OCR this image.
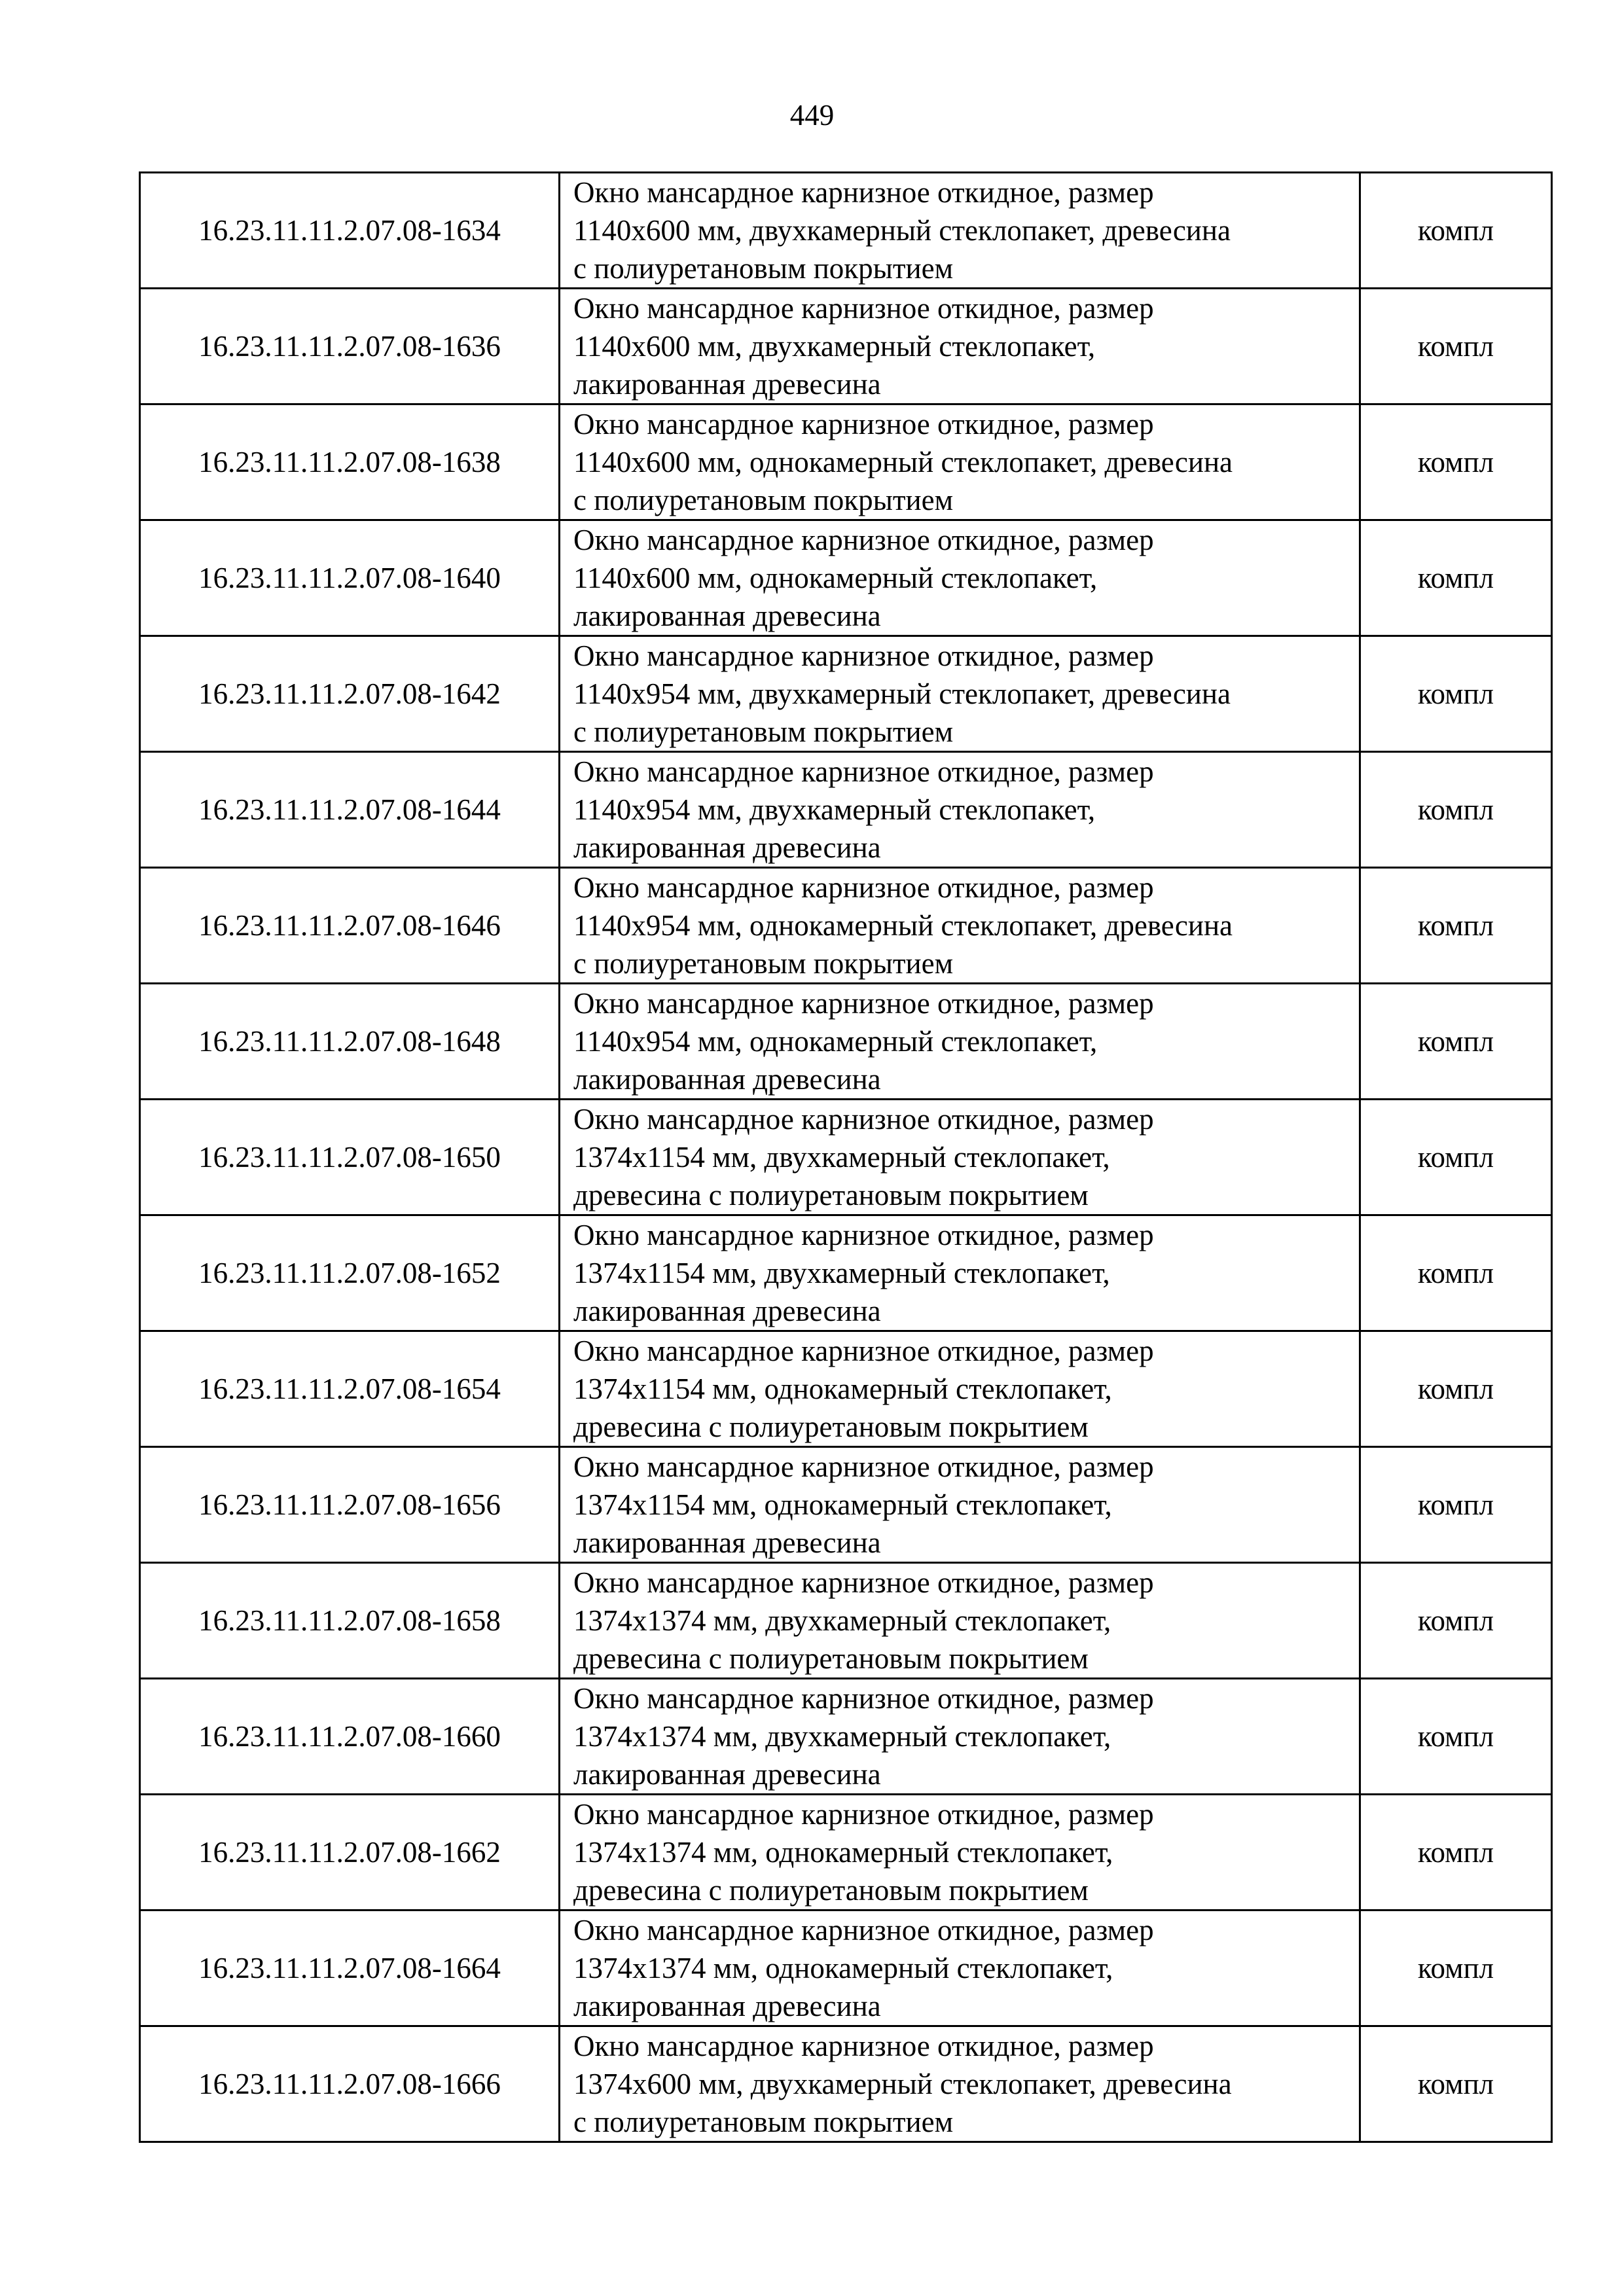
449
16.23.11.11.2.07.08-1634	Окно мансардное карнизное откидное, размер
1140x600 мм, двухкамерный стеклопакет, древесина
с полиуретановым покрытием	компл
16.23.11.11.2.07.08-1636	Окно мансардное карнизное откидное, размер
1140x600 мм, двухкамерный стеклопакет,
лакированная древесина	компл
16.23.11.11.2.07.08-1638	Окно мансардное карнизное откидное, размер
1140x600 мм, однокамерный стеклопакет, древесина
с полиуретановым покрытием	компл
16.23.11.11.2.07.08-1640	Окно мансардное карнизное откидное, размер
1140x600 мм, однокамерный стеклопакет,
лакированная древесина	компл
16.23.11.11.2.07.08-1642	Окно мансардное карнизное откидное, размер
1140x954 мм, двухкамерный стеклопакет, древесина
с полиуретановым покрытием	компл
16.23.11.11.2.07.08-1644	Окно мансардное карнизное откидное, размер
1140x954 мм, двухкамерный стеклопакет,
лакированная древесина	компл
16.23.11.11.2.07.08-1646	Окно мансардное карнизное откидное, размер
1140x954 мм, однокамерный стеклопакет, древесина
с полиуретановым покрытием	компл
16.23.11.11.2.07.08-1648	Окно мансардное карнизное откидное, размер
1140x954 мм, однокамерный стеклопакет,
лакированная древесина	компл
16.23.11.11.2.07.08-1650	Окно мансардное карнизное откидное, размер
1374x1154 мм, двухкамерный стеклопакет,
древесина с полиуретановым покрытием	компл
16.23.11.11.2.07.08-1652	Окно мансардное карнизное откидное, размер
1374x1154 мм, двухкамерный стеклопакет,
лакированная древесина	компл
16.23.11.11.2.07.08-1654	Окно мансардное карнизное откидное, размер
1374x1154 мм, однокамерный стеклопакет,
древесина с полиуретановым покрытием	компл
16.23.11.11.2.07.08-1656	Окно мансардное карнизное откидное, размер
1374x1154 мм, однокамерный стеклопакет,
лакированная древесина	компл
16.23.11.11.2.07.08-1658	Окно мансардное карнизное откидное, размер
1374x1374 мм, двухкамерный стеклопакет,
древесина с полиуретановым покрытием	компл
16.23.11.11.2.07.08-1660	Окно мансардное карнизное откидное, размер
1374x1374 мм, двухкамерный стеклопакет,
лакированная древесина	компл
16.23.11.11.2.07.08-1662	Окно мансардное карнизное откидное, размер
1374x1374 мм, однокамерный стеклопакет,
древесина с полиуретановым покрытием	компл
16.23.11.11.2.07.08-1664	Окно мансардное карнизное откидное, размер
1374x1374 мм, однокамерный стеклопакет,
лакированная древесина	компл
16.23.11.11.2.07.08-1666	Окно мансардное карнизное откидное, размер
1374x600 мм, двухкамерный стеклопакет, древесина
с полиуретановым покрытием	компл
